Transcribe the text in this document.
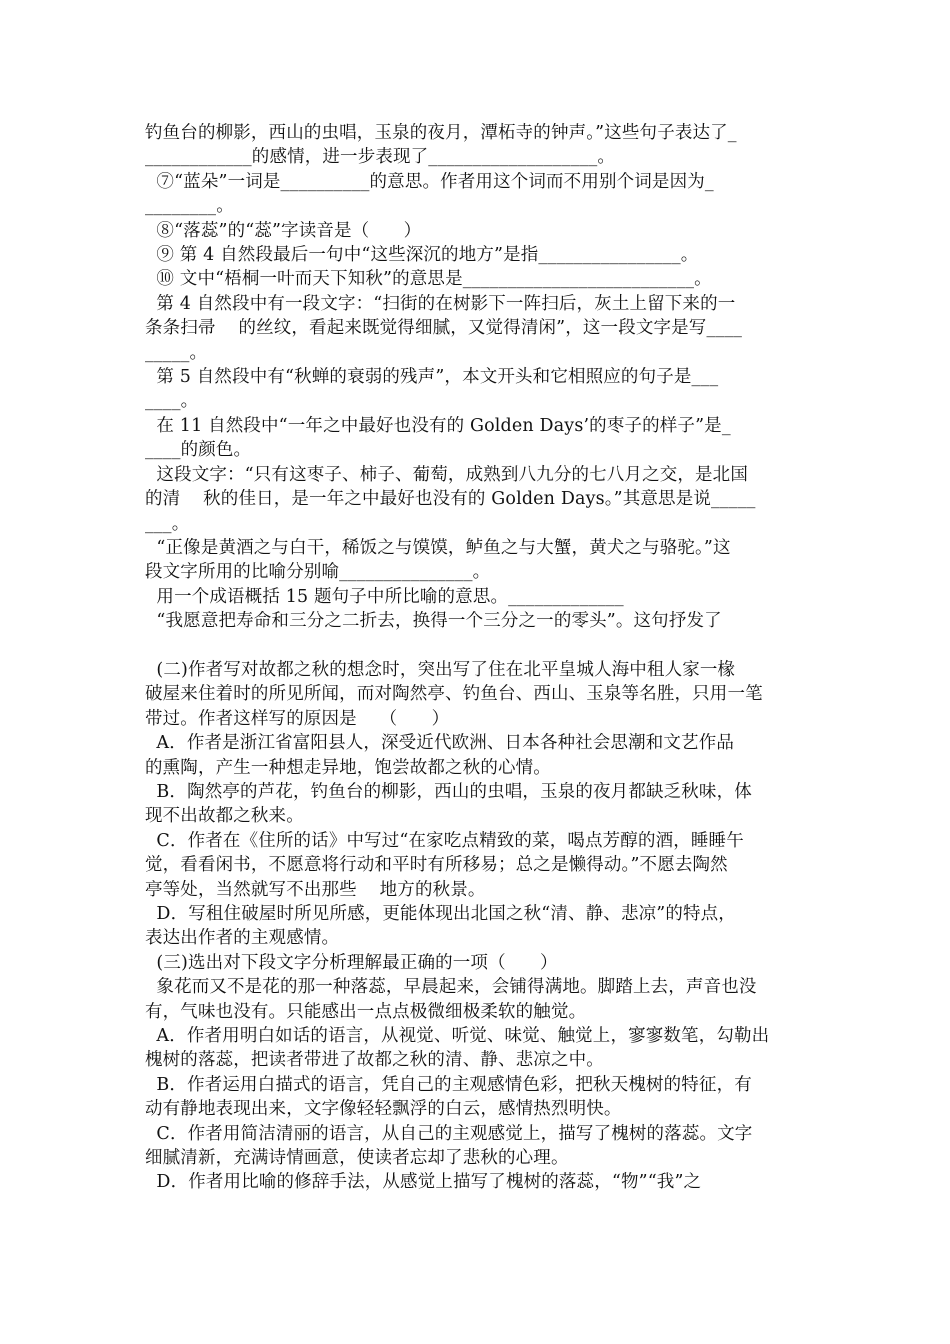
钓鱼台的柳影，西山的虫唱，玉泉的夜月，潭柘寺的钟声。”这些句子表达了_

____________的感情，进一步表现了___________________。

⑦“蓝朵”一词是__________的意思。作者用这个词而不用别个词是因为_

________。

⑧“落蕊”的“蕊”字读音是（      ）

⑨ 第 4 自然段最后一句中“这些深沉的地方”是指________________。

⑩ 文中“梧桐一叶而天下知秋”的意思是__________________________。

第 4 自然段中有一段文字：“扫街的在树影下一阵扫后，灰土上留下来的一

条条扫帚    的丝纹，看起来既觉得细腻，又觉得清闲”，这一段文字是写____

_____。

第 5 自然段中有“秋蝉的衰弱的残声”，本文开头和它相照应的句子是___

____。

在 11 自然段中“一年之中最好也没有的 Golden Days’的枣子的样子”是_

____的颜色。

这段文字：“只有这枣子、柿子、葡萄，成熟到八九分的七八月之交，是北国

的清    秋的佳日，是一年之中最好也没有的 Golden Days。”其意思是说_____

___。

“正像是黄酒之与白干，稀饭之与馍馍，鲈鱼之与大蟹，黄犬之与骆驼。”这

段文字所用的比喻分别喻_______________。

用一个成语概括 15 题句子中所比喻的意思。_____________

“我愿意把寿命和三分之二折去，换得一个三分之一的零头”。这句抒发了

(二)作者写对故都之秋的想念时，突出写了住在北平皇城人海中租人家一椽

破屋来住着时的所见所闻，而对陶然亭、钓鱼台、西山、玉泉等名胜，只用一笔

带过。作者这样写的原因是    （      ）

A．作者是浙江省富阳县人，深受近代欧洲、日本各种社会思潮和文艺作品

的熏陶，产生一种想走异地，饱尝故都之秋的心情。

B．陶然亭的芦花，钓鱼台的柳影，西山的虫唱，玉泉的夜月都缺乏秋味，体

现不出故都之秋来。

C．作者在《住所的话》中写过“在家吃点精致的菜，喝点芳醇的酒，睡睡午

觉，看看闲书，不愿意将行动和平时有所移易；总之是懒得动。”不愿去陶然

亭等处，当然就写不出那些    地方的秋景。

D．写租住破屋时所见所感，更能体现出北国之秋“清、静、悲凉”的特点，

表达出作者的主观感情。

(三)选出对下段文字分析理解最正确的一项（      ）

象花而又不是花的那一种落蕊，早晨起来，会铺得满地。脚踏上去，声音也没

有，气味也没有。只能感出一点点极微细极柔软的触觉。

A．作者用明白如话的语言，从视觉、听觉、味觉、触觉上，寥寥数笔，勾勒出

槐树的落蕊，把读者带进了故都之秋的清、静、悲凉之中。

B．作者运用白描式的语言，凭自己的主观感情色彩，把秋天槐树的特征，有

动有静地表现出来，文字像轻轻飘浮的白云，感情热烈明快。

C．作者用简洁清丽的语言，从自己的主观感觉上，描写了槐树的落蕊。文字

细腻清新，充满诗情画意，使读者忘却了悲秋的心理。

D．作者用比喻的修辞手法，从感觉上描写了槐树的落蕊，“物”“我”之
